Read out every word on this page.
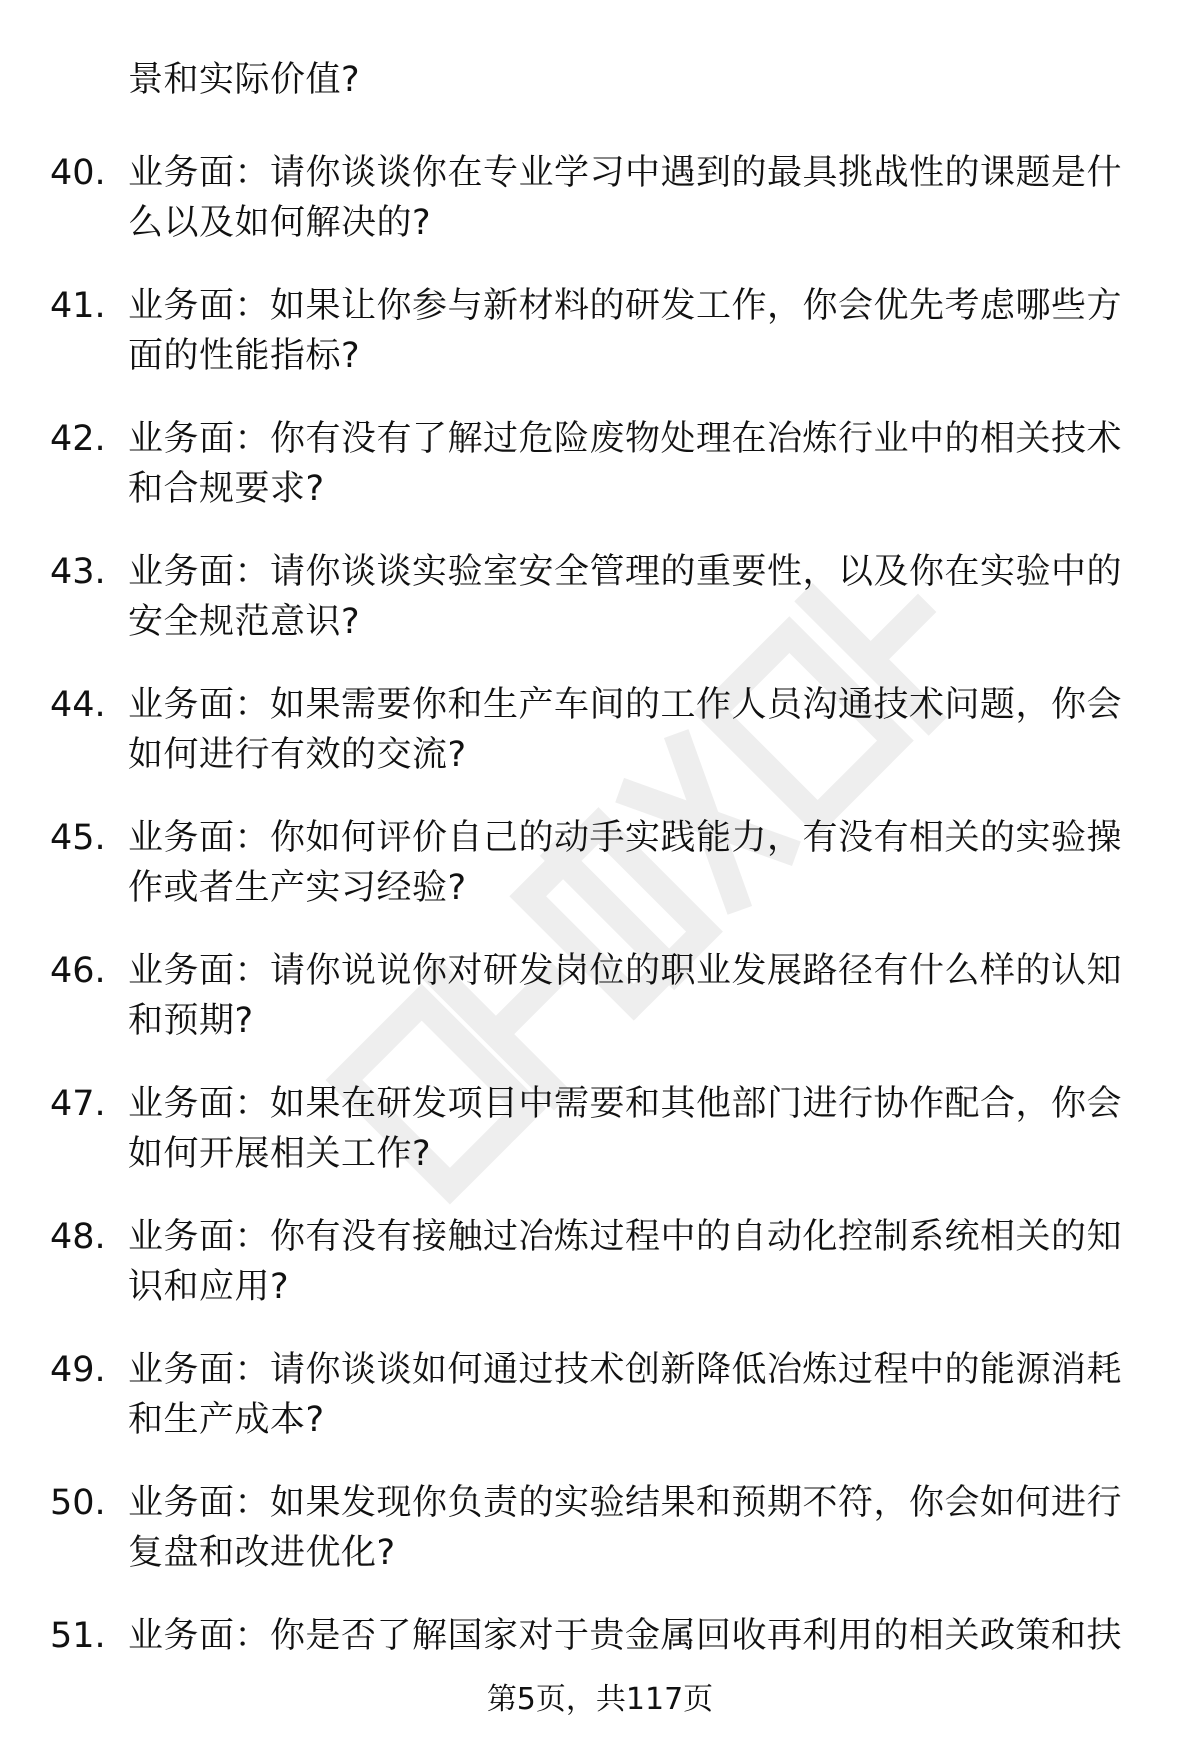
景和实际价值?
40. 业务面：请你谈谈你在专业学习中遇到的最具挑战性的课题是什么以及如何解决的?
41. 业务面：如果让你参与新材料的研发工作，你会优先考虑哪些方面的性能指标?
42. 业务面：你有没有了解过危险废物处理在冶炼行业中的相关技术和合规要求?
43. 业务面：请你谈谈实验室安全管理的重要性，以及你在实验中的安全规范意识?
44. 业务面：如果需要你和生产车间的工作人员沟通技术问题，你会如何进行有效的交流?
45. 业务面：你如何评价自己的动手实践能力，有没有相关的实验操作或者生产实习经验?
46. 业务面：请你说说你对研发岗位的职业发展路径有什么样的认知和预期?
47. 业务面：如果在研发项目中需要和其他部门进行协作配合，你会如何开展相关工作?
48. 业务面：你有没有接触过冶炼过程中的自动化控制系统相关的知识和应用?
49. 业务面：请你谈谈如何通过技术创新降低冶炼过程中的能源消耗和生产成本?
50. 业务面：如果发现你负责的实验结果和预期不符，你会如何进行复盘和改进优化?
51. 业务面：你是否了解国家对于贵金属回收再利用的相关政策和扶
第5页，共117页
